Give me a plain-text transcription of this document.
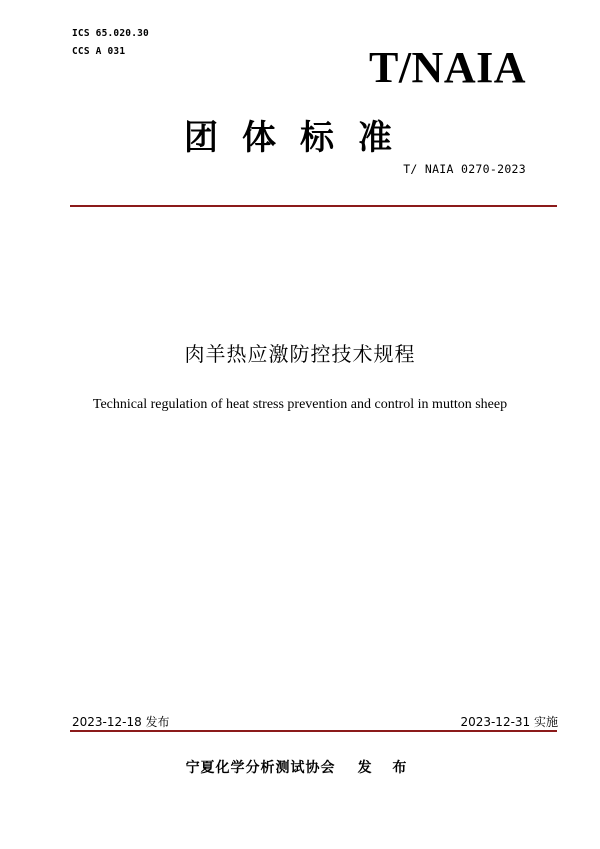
ICS 65.020.30
CCS A 031	T/NAIA
团体标准
T/ NAIA 0270-2023
肉羊热应激防控技术规程
Technical regulation of heat stress prevention and control in mutton sheep
2023-12-18 发布	2023-12-31 实施
宁夏化学分析测试协会 发 布
